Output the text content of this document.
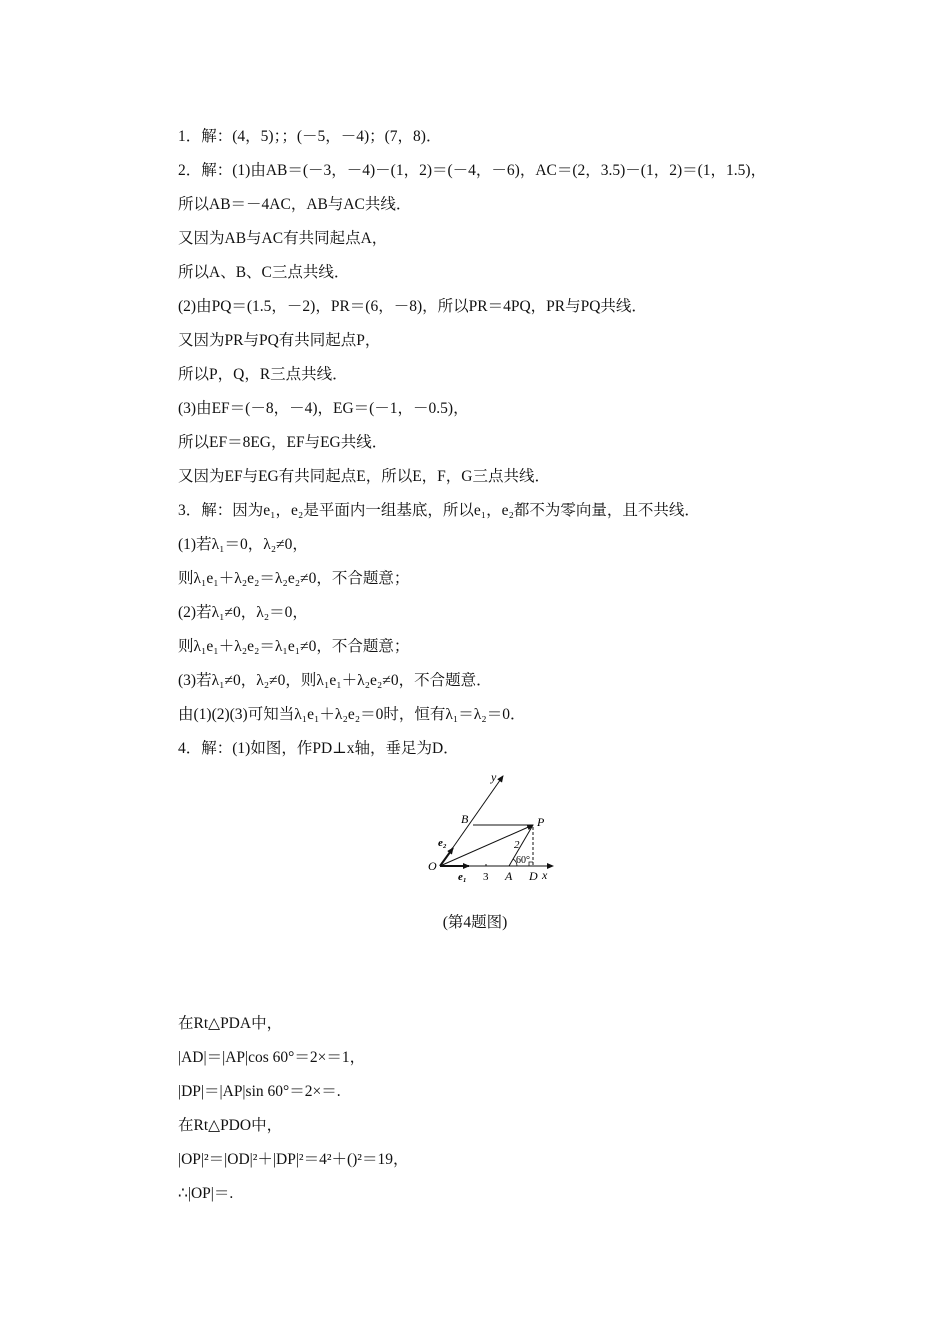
1．解：(4，5)；；(－5，－4)；(7，8)．
2．解：(1)由AB＝(－3，－4)－(1，2)＝(－4，－6)，AC＝(2，3.5)－(1，2)＝(1，1.5)，
所以AB＝－4AC，AB与AC共线．
又因为AB与AC有共同起点A，
所以A、B、C三点共线．
(2)由PQ＝(1.5，－2)，PR＝(6，－8)，所以PR＝4PQ，PR与PQ共线．
又因为PR与PQ有共同起点P，
所以P，Q，R三点共线．
(3)由EF＝(－8，－4)，EG＝(－1，－0.5)，
所以EF＝8EG，EF与EG共线．
又因为EF与EG有共同起点E，所以E，F，G三点共线．
3．解：因为e₁，e₂是平面内一组基底，所以e₁，e₂都不为零向量，且不共线．
(1)若λ₁＝0，λ₂≠0，
则λ₁e₁＋λ₂e₂＝λ₂e₂≠0，不合题意；
(2)若λ₁≠0，λ₂＝0，
则λ₁e₁＋λ₂e₂＝λ₁e₁≠0，不合题意；
(3)若λ₁≠0，λ₂≠0，则λ₁e₁＋λ₂e₂≠0，不合题意．
由(1)(2)(3)可知当λ₁e₁＋λ₂e₂＝0时，恒有λ₁＝λ₂＝0．
4．解：(1)如图，作PD⊥x轴，垂足为D．
y
B	P
e₂
O
e₁ 3 A D x
2
60°
(第4题图)
在Rt△PDA中，
|AD|＝|AP|cos 60°＝2×＝1，
|DP|＝|AP|sin 60°＝2×＝.
在Rt△PDO中，
|OP|²＝|OD|²＋|DP|²＝4²＋()²＝19，
∴|OP|＝.
